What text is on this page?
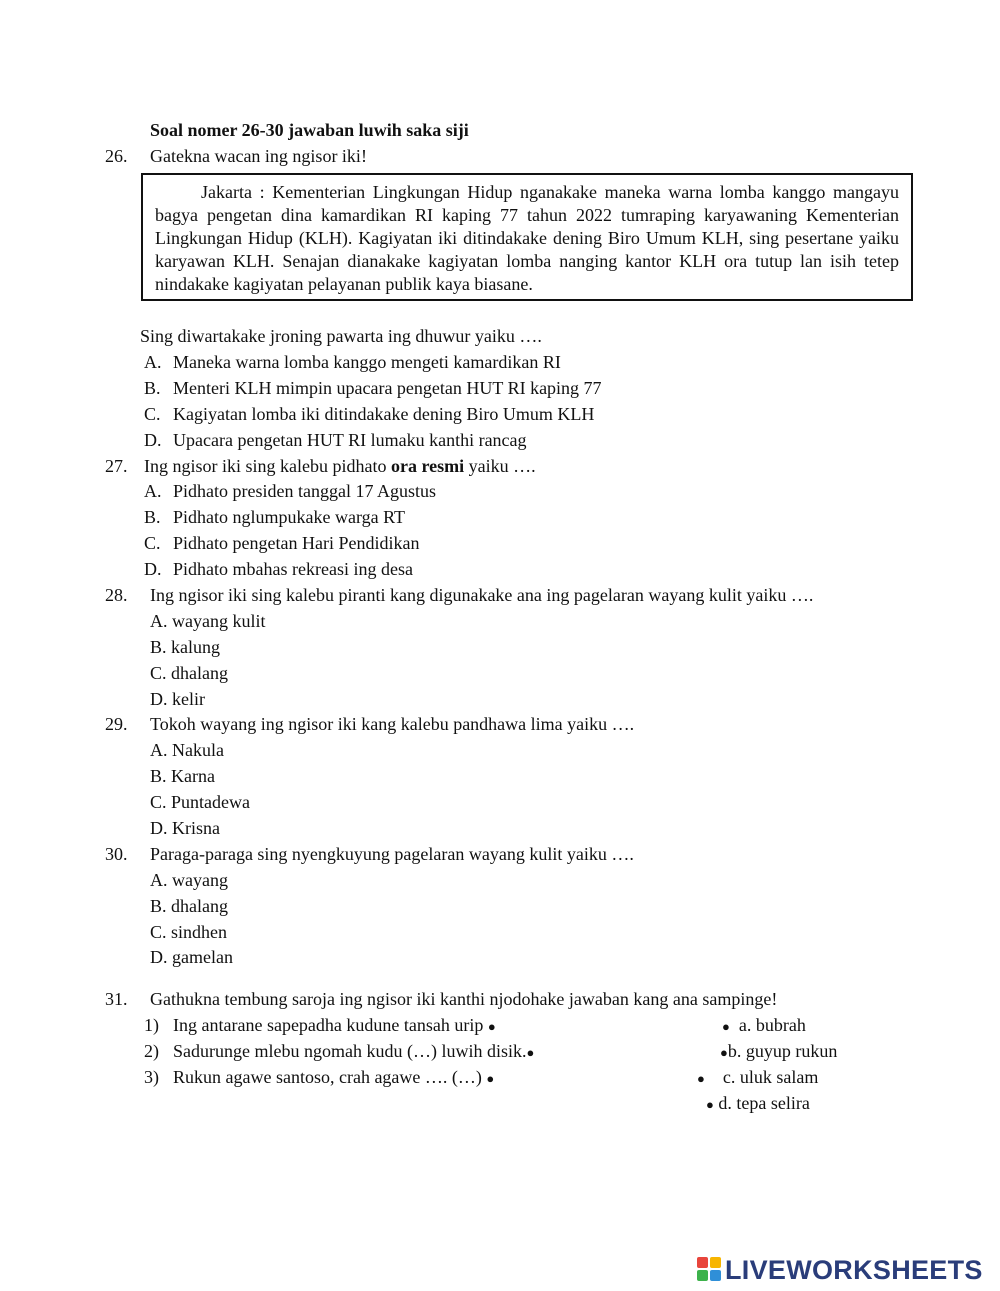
Soal nomer 26-30 jawaban luwih saka siji
26. Gatekna wacan ing ngisor iki!
Jakarta : Kementerian Lingkungan Hidup nganakake maneka warna lomba kanggo mangayu bagya pengetan dina kamardikan RI kaping 77 tahun 2022 tumraping karyawaning Kementerian Lingkungan Hidup (KLH). Kagiyatan iki ditindakake dening Biro Umum KLH, sing pesertane yaiku karyawan KLH. Senajan dianakake kagiyatan lomba nanging kantor KLH ora tutup lan isih tetep nindakake kagiyatan pelayanan publik kaya biasane.
Sing diwartakake jroning pawarta ing dhuwur yaiku ….
A. Maneka warna lomba kanggo mengeti kamardikan RI
B. Menteri KLH mimpin upacara pengetan HUT RI kaping 77
C. Kagiyatan lomba iki ditindakake dening Biro Umum KLH
D. Upacara pengetan HUT RI lumaku kanthi rancag
27. Ing ngisor iki sing kalebu pidhato ora resmi yaiku ….
A. Pidhato presiden tanggal 17 Agustus
B. Pidhato nglumpukake warga RT
C. Pidhato pengetan Hari Pendidikan
D. Pidhato mbahas rekreasi ing desa
28. Ing ngisor iki sing kalebu piranti kang digunakake ana ing pagelaran wayang kulit yaiku ….
A. wayang kulit
B. kalung
C. dhalang
D. kelir
29. Tokoh wayang ing ngisor iki kang kalebu pandhawa lima yaiku ….
A. Nakula
B. Karna
C. Puntadewa
D. Krisna
30. Paraga-paraga sing nyengkuyung pagelaran wayang kulit yaiku ….
A. wayang
B. dhalang
C. sindhen
D. gamelan
31. Gathukna tembung saroja ing ngisor iki kanthi njodohake jawaban kang ana sampinge!
1) Ing antarane sapepadha kudune tansah urip ●
2) Sadurunge mlebu ngomah kudu (…) luwih disik.●
3) Rukun agawe santoso, crah agawe …. (…) ●
● a. bubrah
●b. guyup rukun
● c. uluk salam
● d. tepa selira
LIVEWORKSHEETS
